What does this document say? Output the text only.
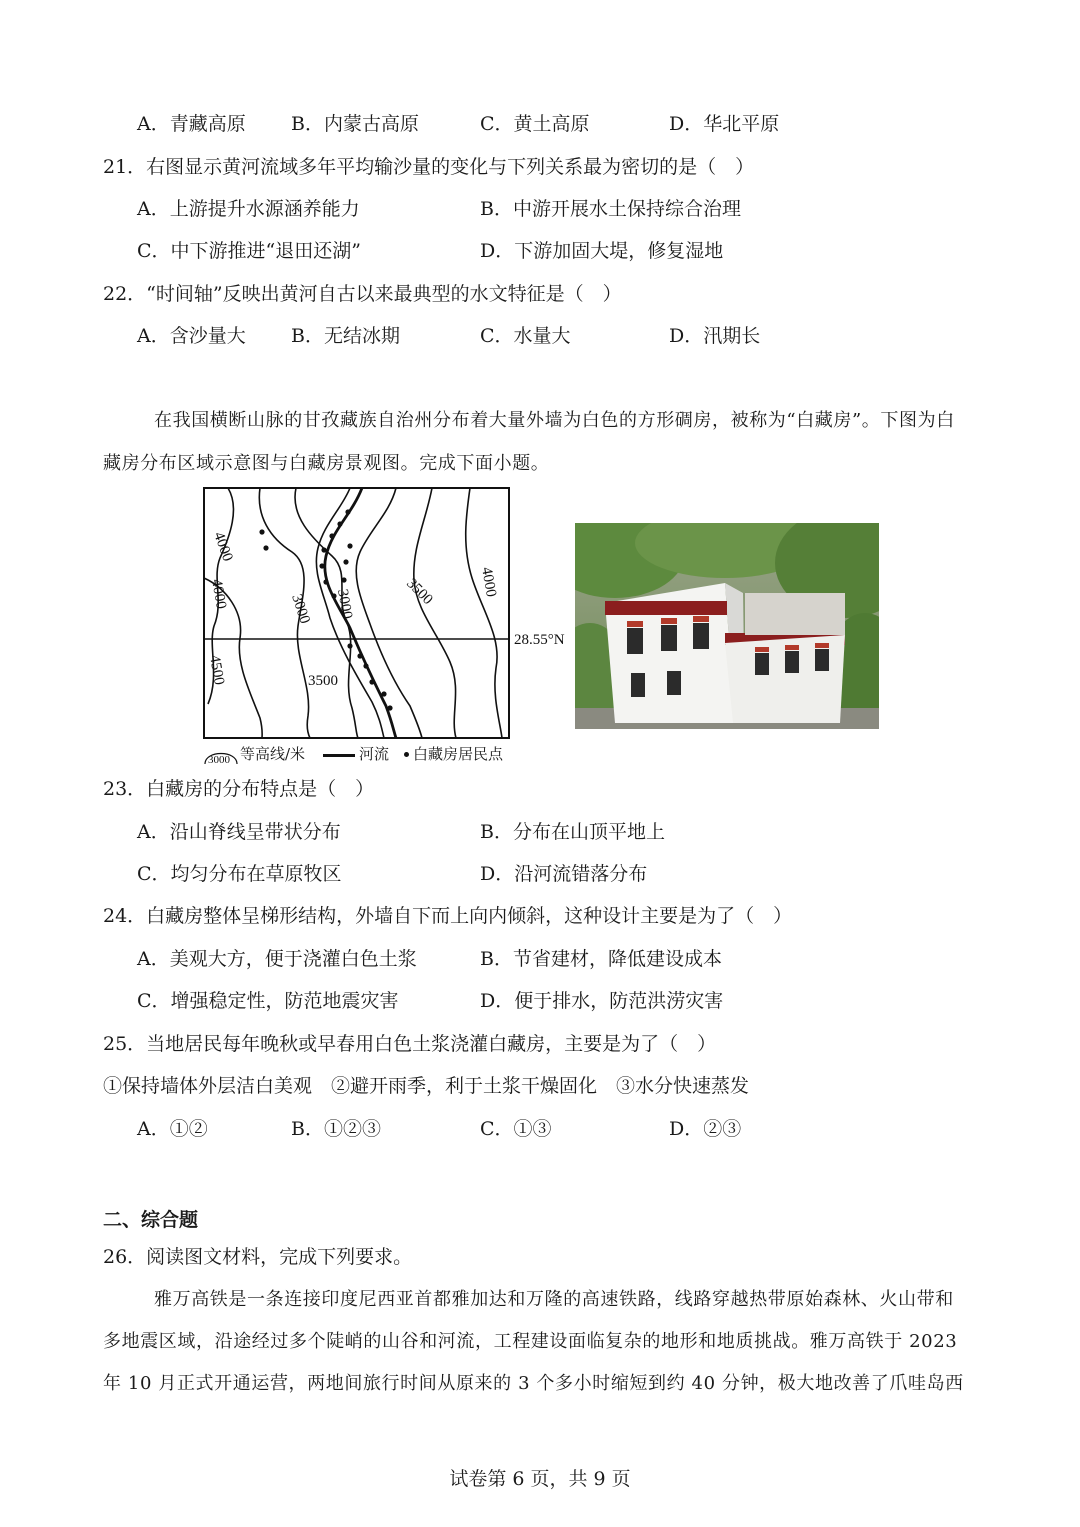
A．青藏高原 B．内蒙古高原	C．黄土高原	D．华北平原
21．右图显示黄河流域多年平均输沙量的变化与下列关系最为密切的是（　）
A．上游提升水源涵养能力	B．中游开展水土保持综合治理
C．中下游推进“退田还湖”	D．下游加固大堤，修复湿地
22．“时间轴”反映出黄河自古以来最典型的水文特征是（　）
A．含沙量大 B．无结冰期	C．水量大	D．汛期长
在我国横断山脉的甘孜藏族自治州分布着大量外墙为白色的方形碉房，被称为“白藏房”。下图为白
藏房分布区域示意图与白藏房景观图。完成下面小题。
4000
4000
4500
3000 3000	3500
3500
4000
28.55°N
3000 等高线/米	河流 白藏房居民点
23．白藏房的分布特点是（　）
A．沿山脊线呈带状分布	B．分布在山顶平地上
C．均匀分布在草原牧区	D．沿河流错落分布
24．白藏房整体呈梯形结构，外墙自下而上向内倾斜，这种设计主要是为了（　）
A．美观大方，便于浇灌白色土浆	B．节省建材，降低建设成本
C．增强稳定性，防范地震灾害	D．便于排水，防范洪涝灾害
25．当地居民每年晚秋或早春用白色土浆浇灌白藏房，主要是为了（　）
①保持墙体外层洁白美观　②避开雨季，利于土浆干燥固化　③水分快速蒸发
A．①②	B．①②③	C．①③	D．②③
二、综合题
26．阅读图文材料，完成下列要求。
雅万高铁是一条连接印度尼西亚首都雅加达和万隆的高速铁路，线路穿越热带原始森林、火山带和
多地震区域，沿途经过多个陡峭的山谷和河流，工程建设面临复杂的地形和地质挑战。雅万高铁于 2023
年 10 月正式开通运营，两地间旅行时间从原来的 3 个多小时缩短到约 40 分钟，极大地改善了爪哇岛西
试卷第 6 页，共 9 页
